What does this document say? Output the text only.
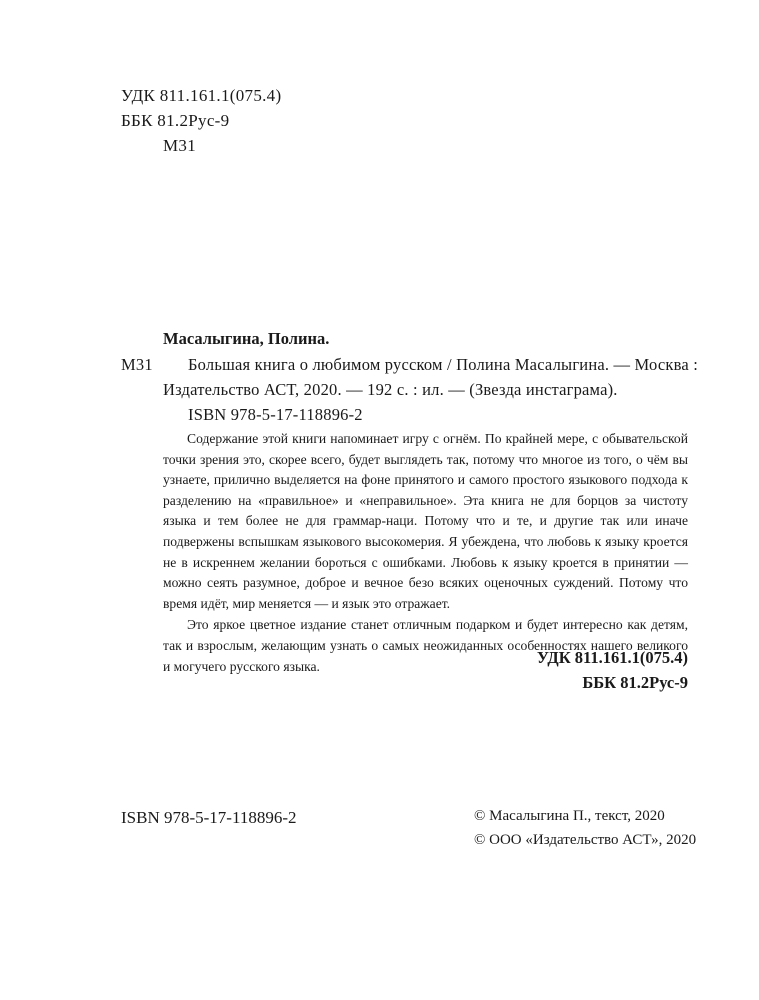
УДК 811.161.1(075.4)
ББК 81.2Рус-9
М31
Масалыгина, Полина.
М31 Большая книга о любимом русском / Полина Масалыгина. — Москва :
Издательство АСТ, 2020. — 192 с. : ил. — (Звезда инстаграма).
ISBN 978-5-17-118896-2

Содержание этой книги напоминает игру с огнём. По крайней мере, с обывательской точки зрения это, скорее всего, будет выглядеть так, потому что многое из того, о чём вы узнаете, прилично выделяется на фоне принятого и самого простого языкового подхода к разделению на «правильное» и «неправильное». Эта книга не для борцов за чистоту языка и тем более не для граммар-наци. Потому что и те, и другие так или иначе подвержены вспышкам языкового высокомерия. Я убеждена, что любовь к языку кроется не в искреннем желании бороться с ошибками. Любовь к языку кроется в принятии — можно сеять разумное, доброе и вечное безо всяких оценочных суждений. Потому что время идёт, мир меняется — и язык это отражает.

Это яркое цветное издание станет отличным подарком и будет интересно как детям, так и взрослым, желающим узнать о самых неожиданных особенностях нашего великого и могучего русского языка.	УДК 811.161.1(075.4)
ББК 81.2Рус-9
ISBN 978-5-17-118896-2	© Масалыгина П., текст, 2020
© ООО «Издательство АСТ», 2020
